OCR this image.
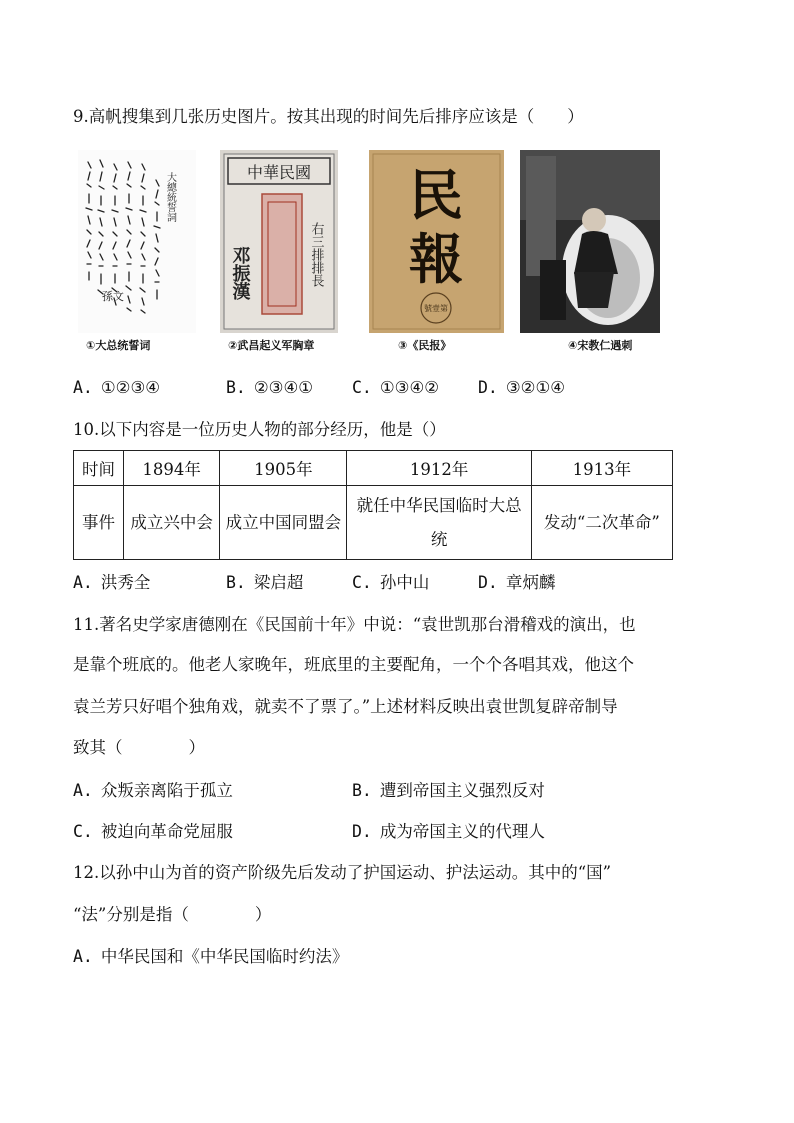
9.高帆搜集到几张历史图片。按其出现的时间先后排序应该是（　　）
大總統誓詞
孫文
①大总统誓词
中華民國
邓振漢	右三排排長
②武昌起义军胸章
民
報
號壹第
③《民报》	④宋教仁遇刺
A. ①②③④	B. ②③④① C. ①③④② D. ③②①④
10.以下内容是一位历史人物的部分经历，他是（）
时间	1894年	1905年	1912年	1913年
事件	成立兴中会	成立中国同盟会	就任中华民国临时大总统	发动“二次革命”
A. 洪秀全	B. 梁启超	C. 孙中山	D. 章炳麟
11.著名史学家唐德刚在《民国前十年》中说：“袁世凯那台滑稽戏的演出，也
是靠个班底的。他老人家晚年，班底里的主要配角，一个个各唱其戏，他这个
袁兰芳只好唱个独角戏，就卖不了票了。”上述材料反映出袁世凯复辟帝制导
致其（　　　　）
A. 众叛亲离陷于孤立	B. 遭到帝国主义强烈反对
C. 被迫向革命党屈服	D. 成为帝国主义的代理人
12.以孙中山为首的资产阶级先后发动了护国运动、护法运动。其中的“国”
“法”分别是指（　　　　）
A. 中华民国和《中华民国临时约法》
